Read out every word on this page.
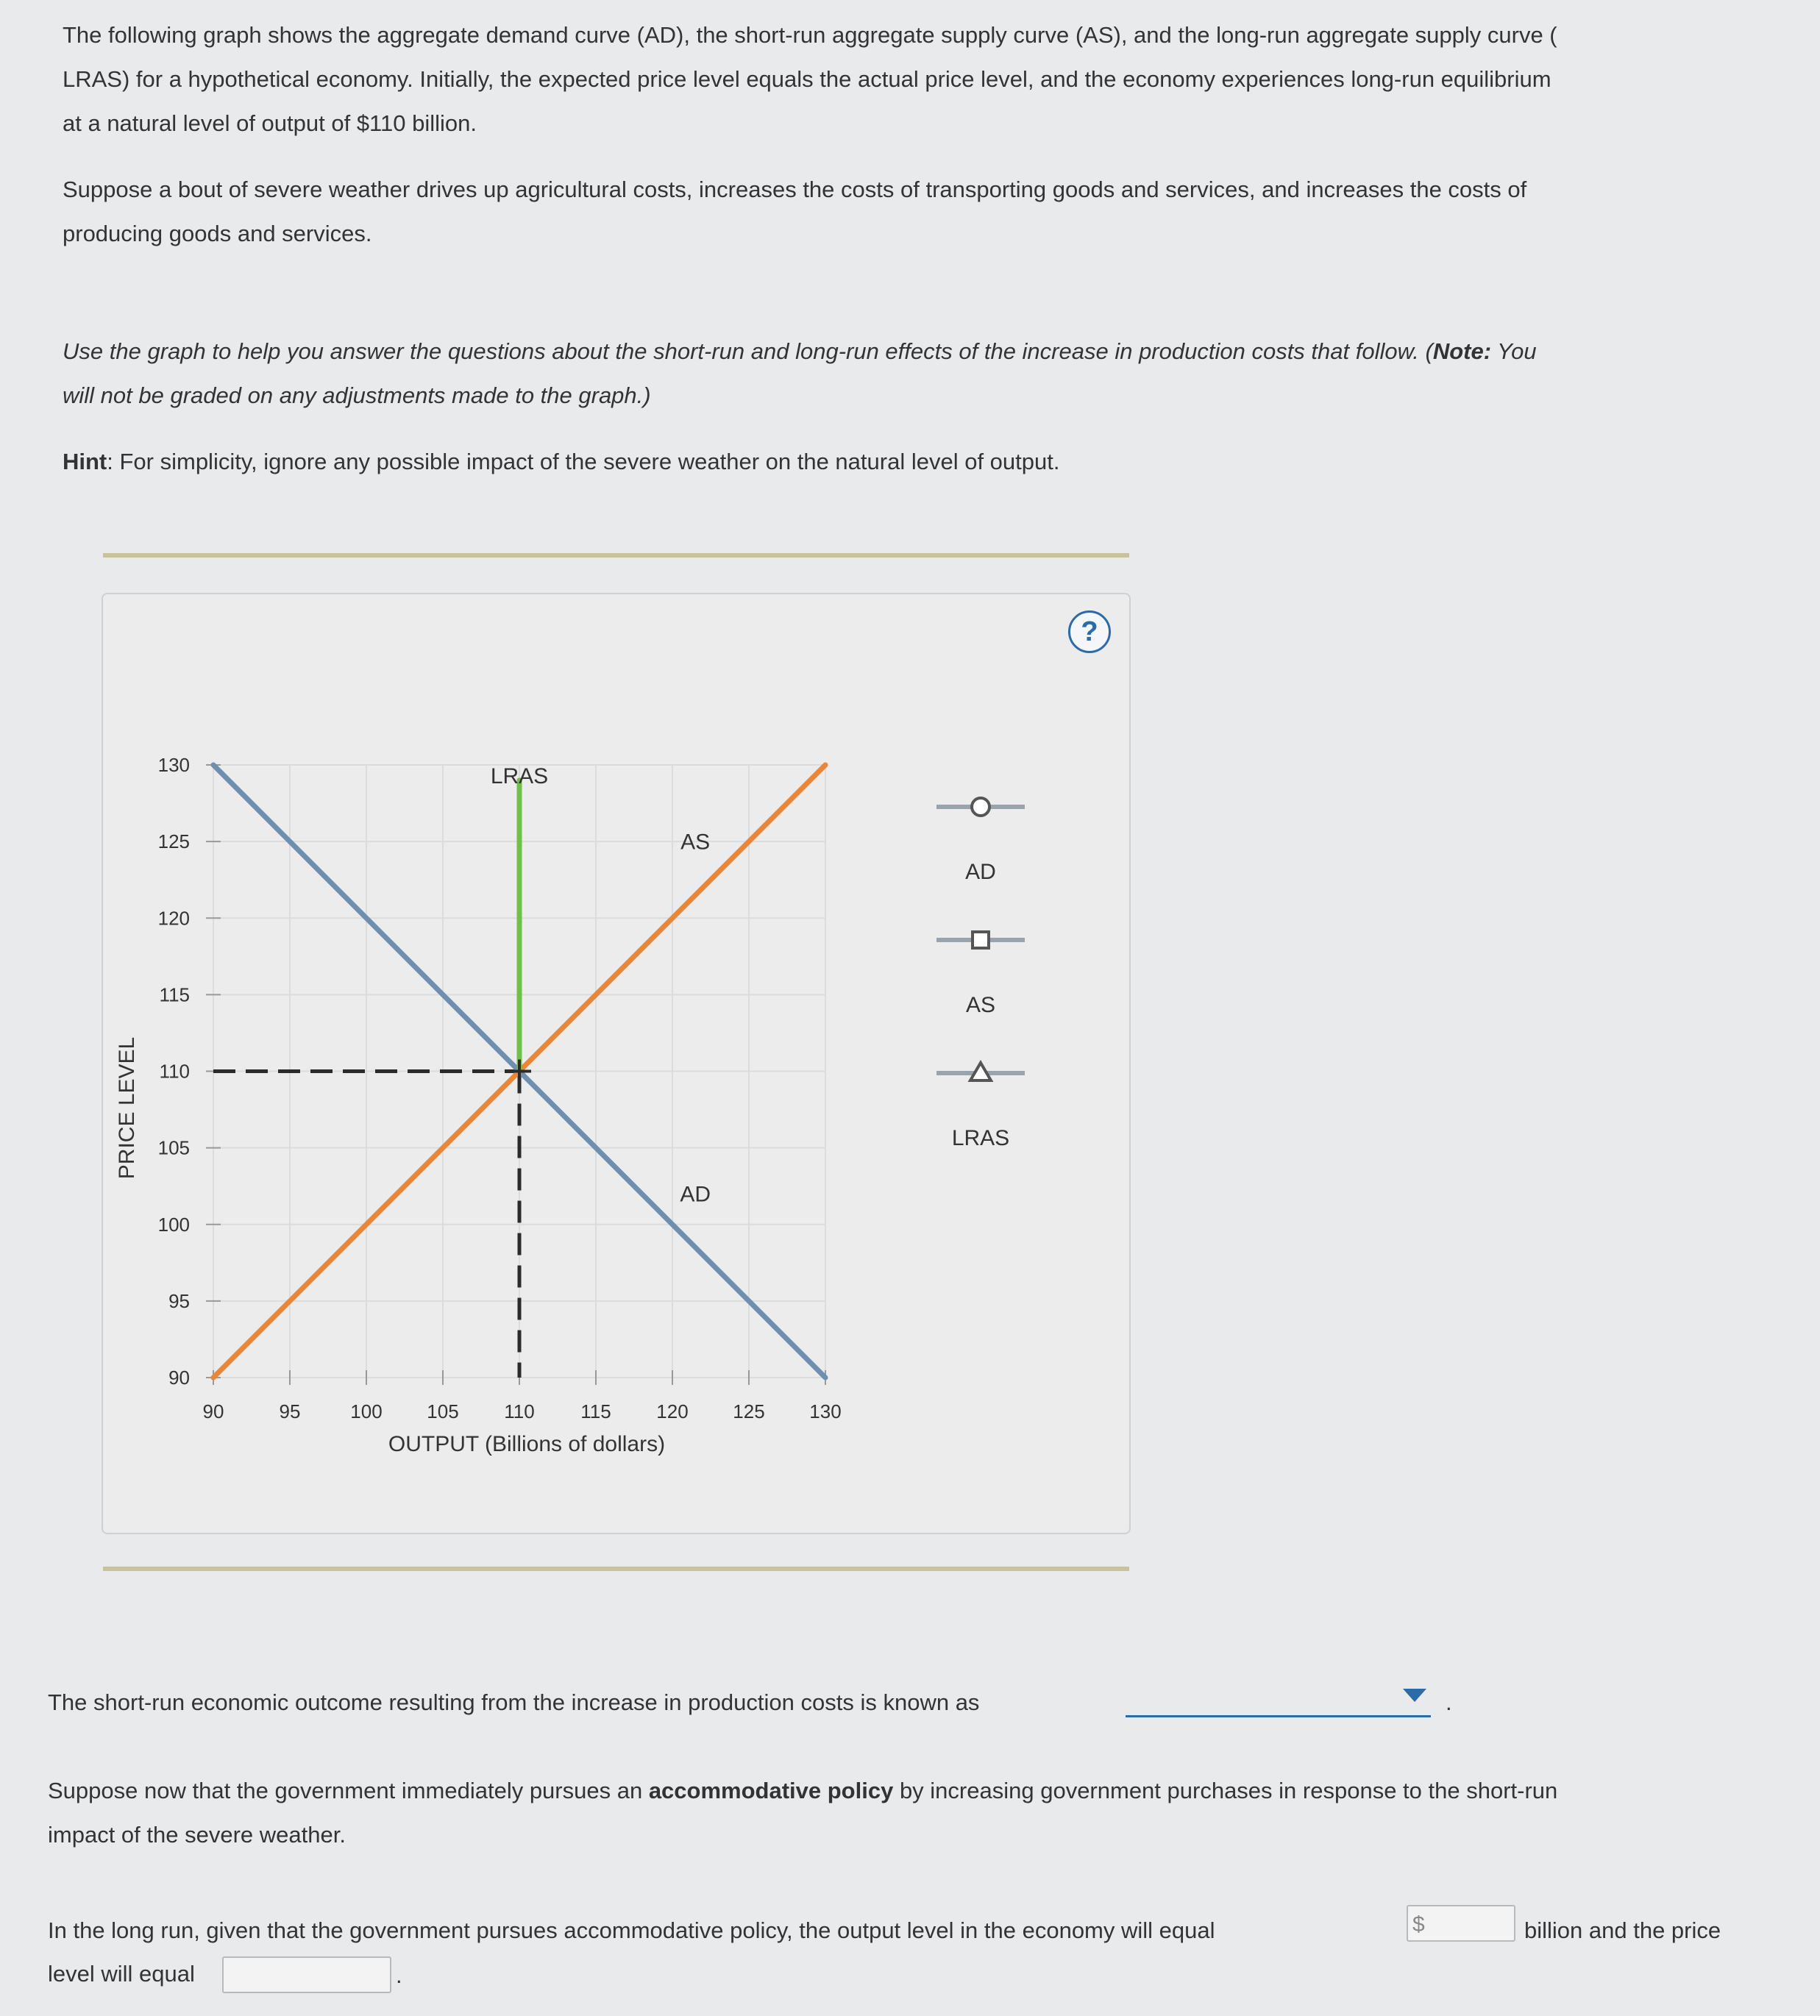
The following graph shows the aggregate demand curve (AD), the short-run aggregate supply curve (AS), and the long-run aggregate supply curve (
LRAS) for a hypothetical economy. Initially, the expected price level equals the actual price level, and the economy experiences long-run equilibrium
at a natural level of output of $110 billion.
Suppose a bout of severe weather drives up agricultural costs, increases the costs of transporting goods and services, and increases the costs of
producing goods and services.
Use the graph to help you answer the questions about the short-run and long-run effects of the increase in production costs that follow. (Note: You
will not be graded on any adjustments made to the graph.)
Hint: For simplicity, ignore any possible impact of the severe weather on the natural level of output.
?
90	95	100 105 110 115 120 125 130
90
95
100
105
110
115
120
125
130
OUTPUT (Billions of dollars)
PRICE LEVEL
AD
AS
LRAS
AD
AS
LRAS
The short-run economic outcome resulting from the increase in production costs is known as	.
Suppose now that the government immediately pursues an accommodative policy by increasing government purchases in response to the short-run
impact of the severe weather.
In the long run, given that the government pursues accommodative policy, the output level in the economy will equal	$	billion and the price
level will equal	.
